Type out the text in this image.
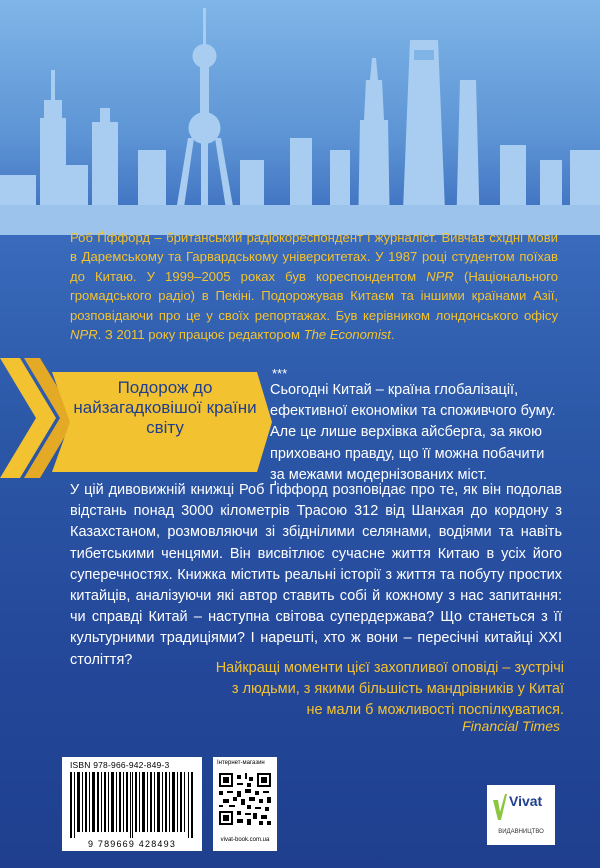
Роб Ґіффорд – британський радіокореспондент і журналіст. Вивчав східні мови в Даремському та Гарвардському університетах. У 1987 році студентом поїхав до Китаю. У 1999–2005 роках був кореспондентом NPR (Національного громадського радіо) в Пекіні. Подорожував Китаєм та іншими країнами Азії, розповідаючи про це у своїх репортажах. Був керівником лондонського офісу NPR. З 2011 року працює редактором The Economist.
***
Подорож до найзагадковішої країни світу
Сьогодні Китай – країна глобалізації, ефективної економіки та споживчого буму. Але це лише верхівка айсберга, за якою приховано правду, що її можна побачити за межами модернізованих міст.
У цій дивовижній книжці Роб Ґіффорд розповідає про те, як він подолав відстань понад 3000 кілометрів Трасою 312 від Шанхая до кордону з Казахстаном, розмовляючи зі збіднілими селянами, водіями та навіть тибетськими ченцями. Він висвітлює сучасне життя Китаю в усіх його суперечностях. Книжка містить реальні історії з життя та побуту простих китайців, аналізуючи які автор ставить собі й кожному з нас запитання: чи справді Китай – наступна світова супердержава? Що станеться з її культурними традиціями? І нарешті, хто ж вони – пересічні китайці XXI століття?
Найкращі моменти цієї захопливої оповіді – зустрічі з людьми, з якими більшість мандрівників у Китаї не мали б можливості поспілкуватися.
Financial Times
ISBN 978-966-942-849-3
9 789669 428493
Інтернет-магазин
vivat-book.com.ua
Vivat
ВИДАВНИЦТВО
